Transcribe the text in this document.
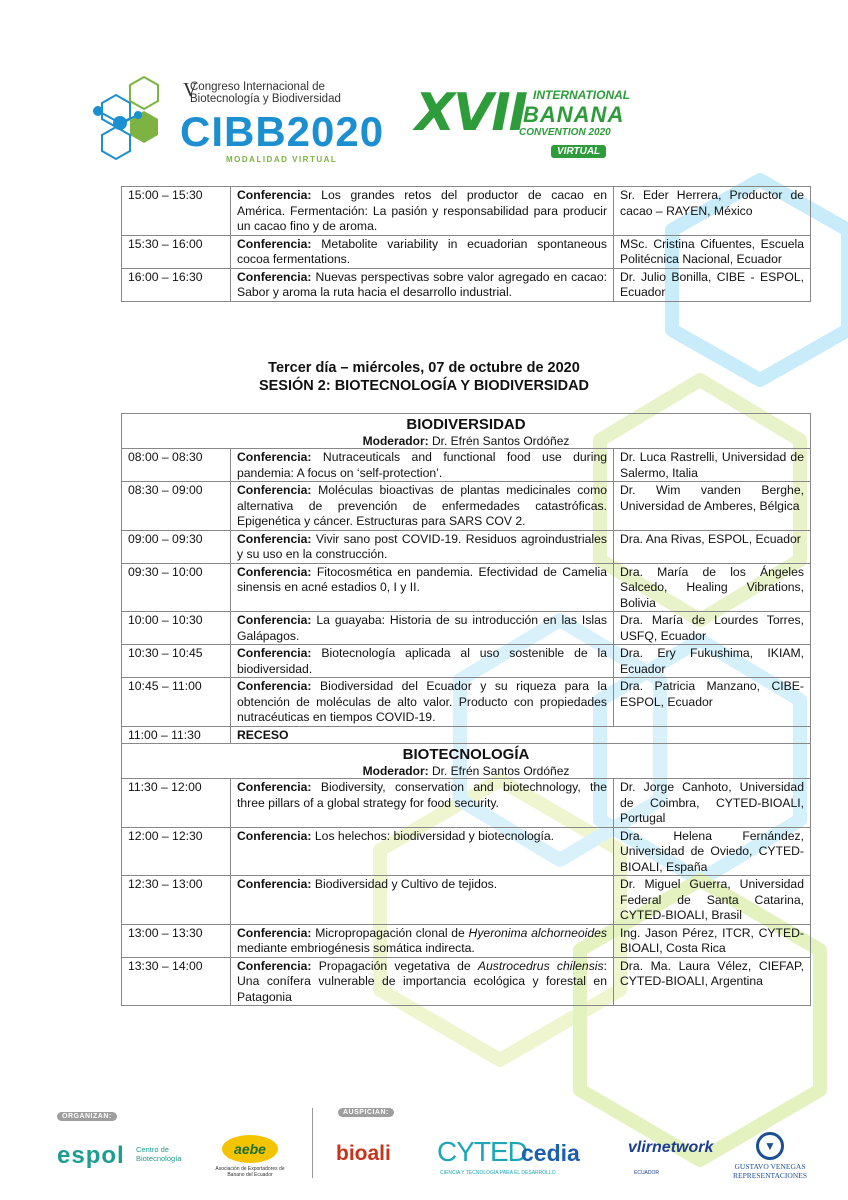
V
Congreso Internacional de
Biotecnología y Biodiversidad
CIBB2020
MODALIDAD VIRTUAL
XVII INTERNATIONAL
BANANA
CONVENTION 2020
VIRTUAL
15:00 – 15:30	Conferencia: Los grandes retos del productor de cacao en América. Fermentación: La pasión y responsabilidad para producir un cacao fino y de aroma.	Sr. Eder Herrera, Productor de cacao – RAYEN, México
15:30 – 16:00	Conferencia: Metabolite variability in ecuadorian spontaneous cocoa fermentations.	MSc. Cristina Cifuentes, Escuela Politécnica Nacional, Ecuador
16:00 – 16:30	Conferencia: Nuevas perspectivas sobre valor agregado en cacao: Sabor y aroma la ruta hacia el desarrollo industrial.	Dr. Julio Bonilla, CIBE - ESPOL, Ecuador
Tercer día – miércoles, 07 de octubre de 2020
SESIÓN 2: BIOTECNOLOGÍA Y BIODIVERSIDAD
BIODIVERSIDAD
Moderador: Dr. Efrén Santos Ordóñez		

08:00 – 08:30	Conferencia: Nutraceuticals and functional food use during pandemia: A focus on ‘self-protection’.	Dr. Luca Rastrelli, Universidad de Salermo, Italia
08:30 – 09:00	Conferencia: Moléculas bioactivas de plantas medicinales como alternativa de prevención de enfermedades catastróficas. Epigenética y cáncer. Estructuras para SARS COV 2.	Dr. Wim vanden Berghe, Universidad de Amberes, Bélgica
09:00 – 09:30	Conferencia: Vivir sano post COVID-19. Residuos agroindustriales y su uso en la construcción.	Dra. Ana Rivas, ESPOL, Ecuador
09:30 – 10:00	Conferencia: Fitocosmética en pandemia. Efectividad de Camelia sinensis en acné estadios 0, I y II.	Dra. María de los Ángeles Salcedo, Healing Vibrations, Bolivia
10:00 – 10:30	Conferencia: La guayaba: Historia de su introducción en las Islas Galápagos.	Dra. María de Lourdes Torres, USFQ, Ecuador
10:30 – 10:45	Conferencia: Biotecnología aplicada al uso sostenible de la biodiversidad.	Dra. Ery Fukushima, IKIAM, Ecuador
10:45 – 11:00	Conferencia: Biodiversidad del Ecuador y su riqueza para la obtención de moléculas de alto valor. Producto con propiedades nutracéuticas en tiempos COVID-19.	Dra. Patricia Manzano, CIBE-ESPOL, Ecuador
11:00 – 11:30	RECESO	

BIOTECNOLOGÍA
Moderador: Dr. Efrén Santos Ordóñez		

11:30 – 12:00	Conferencia: Biodiversity, conservation and biotechnology, the three pillars of a global strategy for food security.	Dr. Jorge Canhoto, Universidad de Coimbra, CYTED-BIOALI, Portugal
12:00 – 12:30	Conferencia: Los helechos: biodiversidad y biotecnología.	Dra. Helena Fernández, Universidad de Oviedo, CYTED-BIOALI, España
12:30 – 13:00	Conferencia: Biodiversidad y Cultivo de tejidos.	Dr. Miguel Guerra, Universidad Federal de Santa Catarina, CYTED-BIOALI, Brasil
13:00 – 13:30	Conferencia: Micropropagación clonal de Hyeronima alchorneoides mediante embriogénesis somática indirecta.	Ing. Jason Pérez, ITCR, CYTED-BIOALI, Costa Rica
13:30 – 14:00	Conferencia: Propagación vegetativa de Austrocedrus chilensis: Una conífera vulnerable de importancia ecológica y forestal en Patagonia	Dra. Ma. Laura Vélez, CIEFAP, CYTED-BIOALI, Argentina
ORGANIZAN:
AUSPICIAN:
espol Centro de Biotecnología
aebe
Asociación de Exportadores de Banano del Ecuador
bioali CYTED
CIENCIA Y TECNOLOGÍA PARA EL DESARROLLO
cedia	vlirnetwork
ECUADOR
▼
GUSTAVO VENEGAS REPRESENTACIONES
